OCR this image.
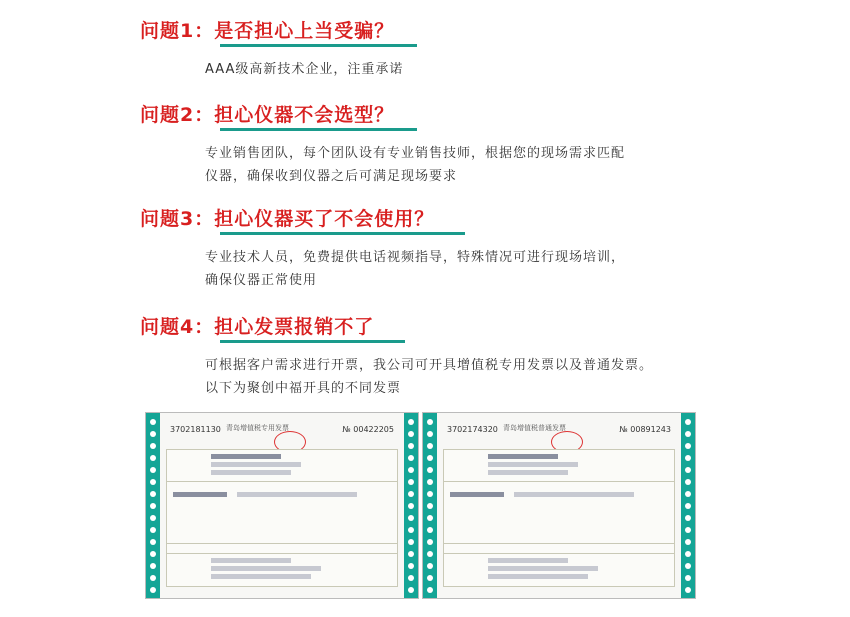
问题1：是否担心上当受骗？
AAA级高新技术企业，注重承诺
问题2：担心仪器不会选型？
专业销售团队，每个团队设有专业销售技师，根据您的现场需求匹配
仪器，确保收到仪器之后可满足现场要求
问题3：担心仪器买了不会使用？
专业技术人员，免费提供电话视频指导，特殊情况可进行现场培训，
确保仪器正常使用
问题4：担心发票报销不了
可根据客户需求进行开票，我公司可开具增值税专用发票以及普通发票。
以下为聚创中福开具的不同发票
3702181130 青岛增值税专用发票	№ 00422205	3702174320 青岛增值税普通发票	№ 00891243
